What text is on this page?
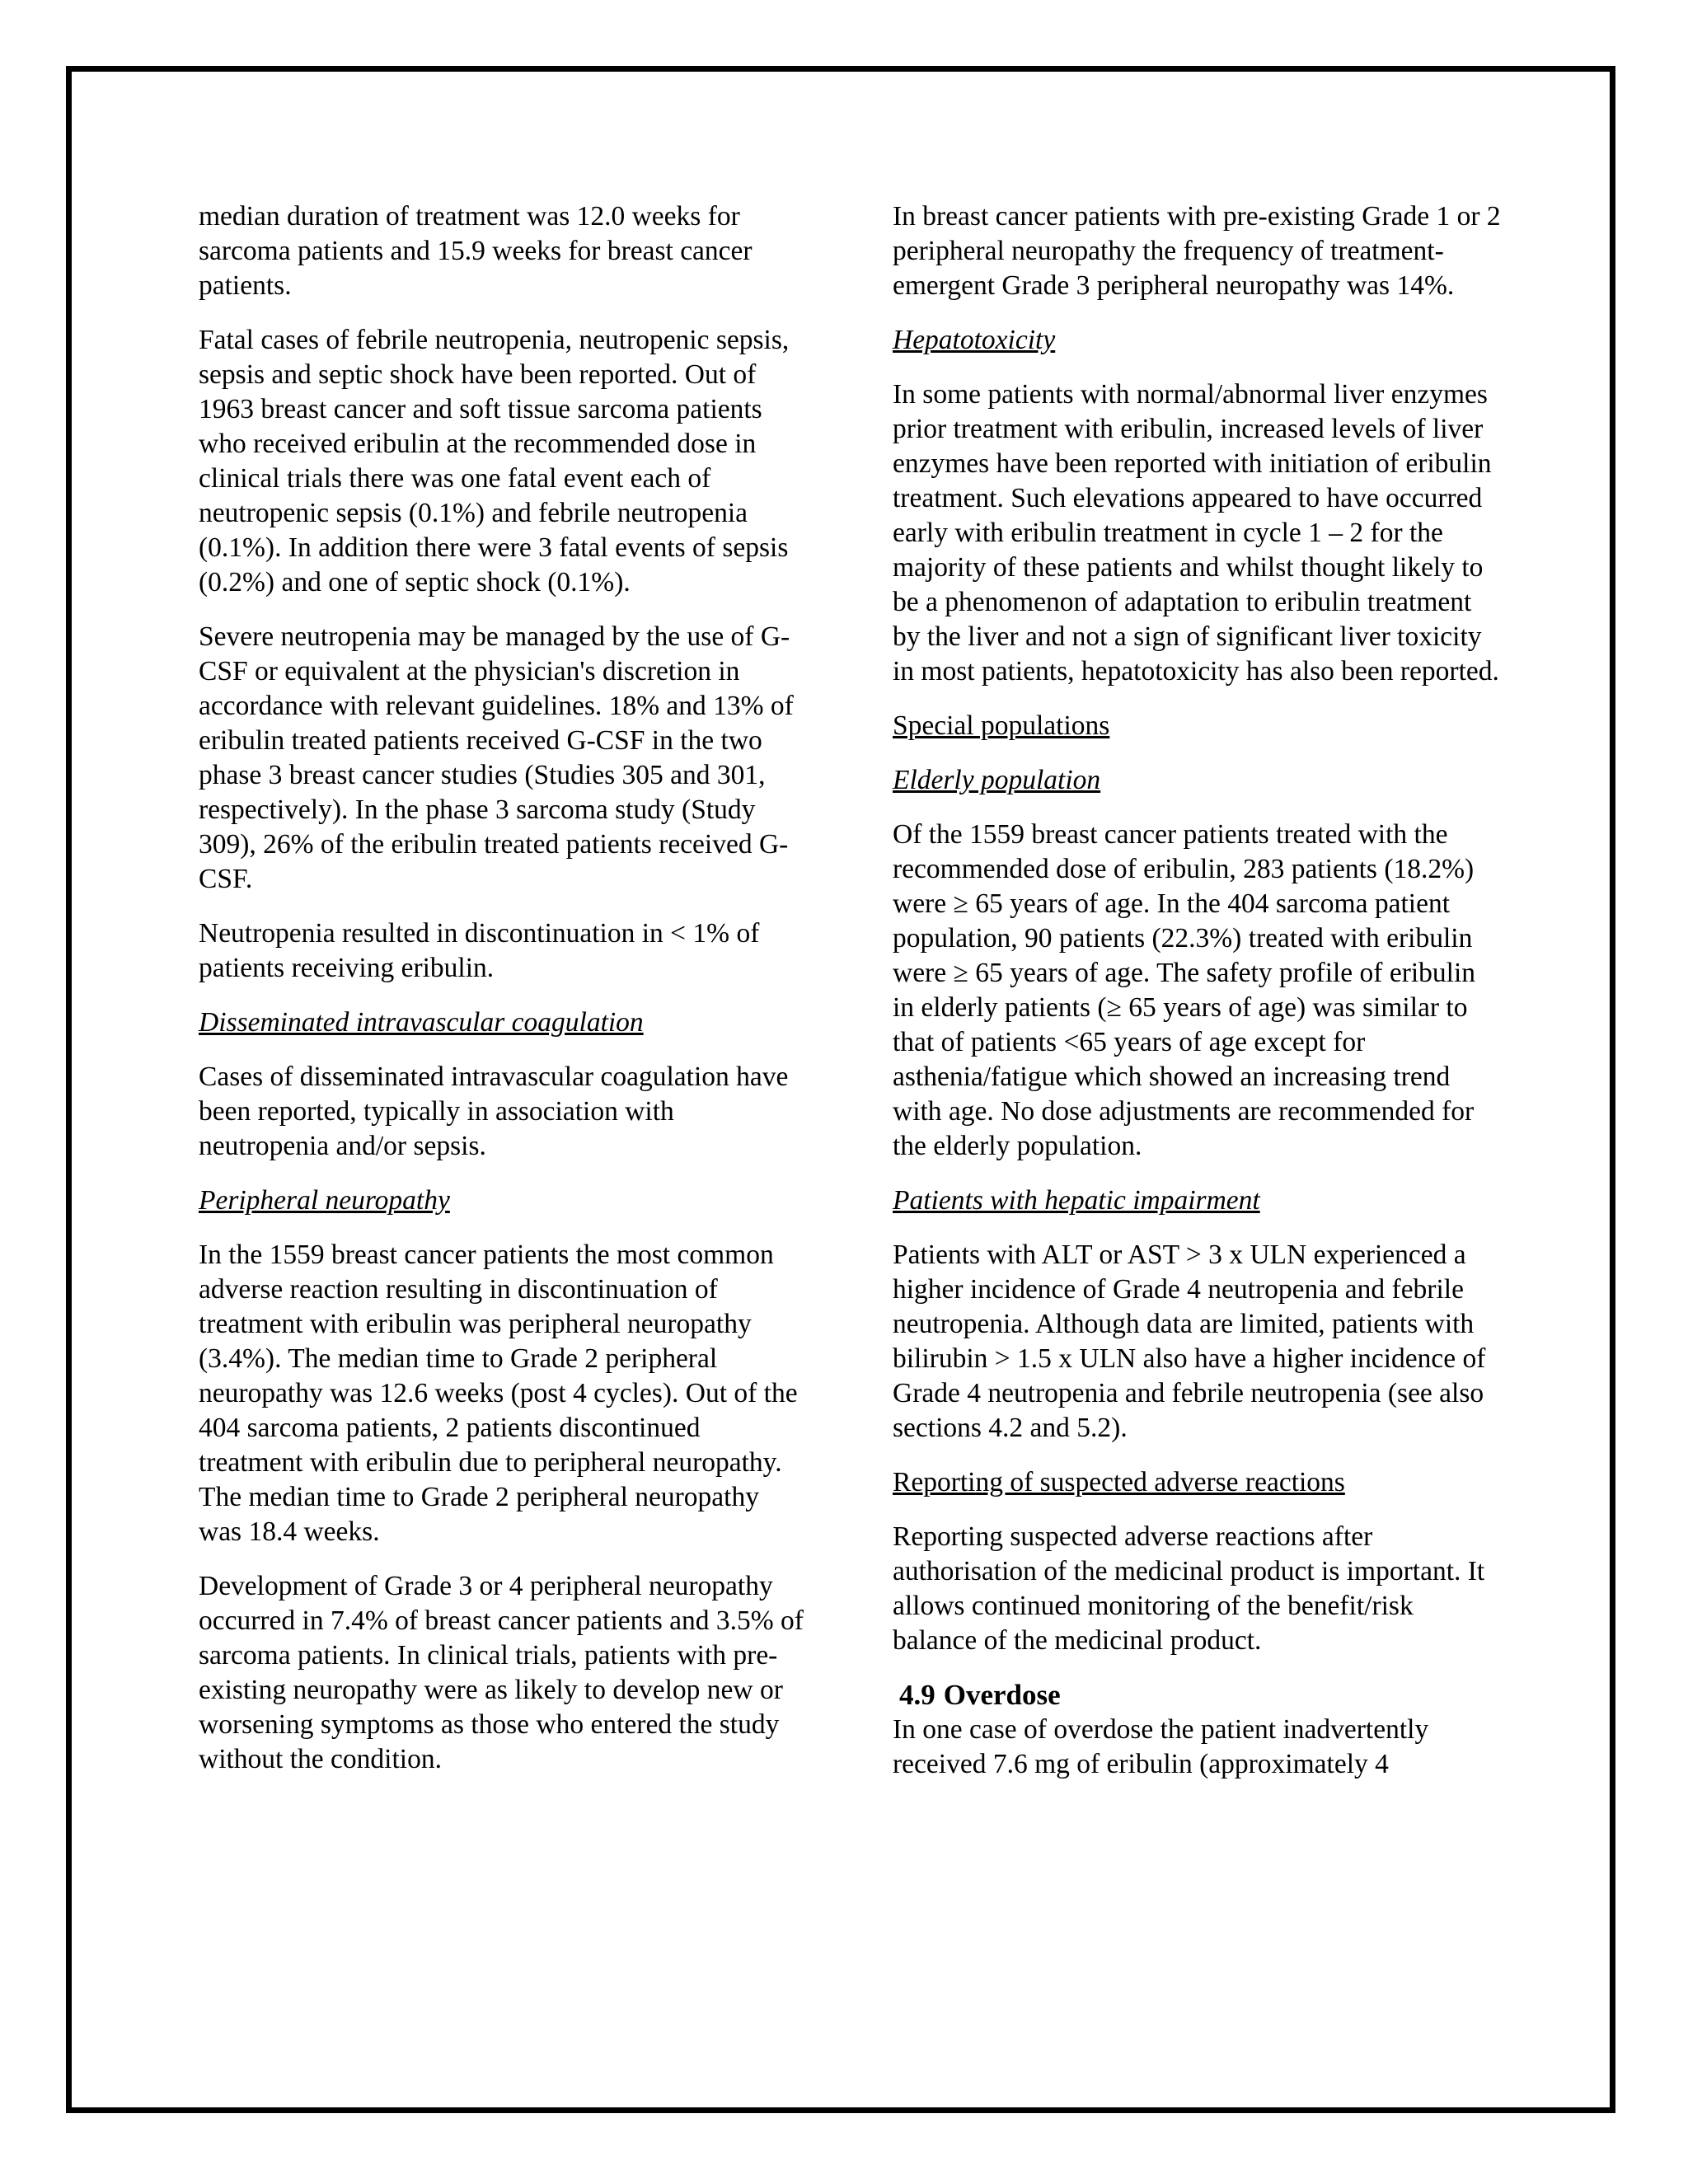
median duration of treatment was 12.0 weeks for sarcoma patients and 15.9 weeks for breast cancer patients.

Fatal cases of febrile neutropenia, neutropenic sepsis, sepsis and septic shock have been reported. Out of 1963 breast cancer and soft tissue sarcoma patients who received eribulin at the recommended dose in clinical trials there was one fatal event each of neutropenic sepsis (0.1%) and febrile neutropenia (0.1%). In addition there were 3 fatal events of sepsis (0.2%) and one of septic shock (0.1%).

Severe neutropenia may be managed by the use of G-CSF or equivalent at the physician's discretion in accordance with relevant guidelines. 18% and 13% of eribulin treated patients received G-CSF in the two phase 3 breast cancer studies (Studies 305 and 301, respectively). In the phase 3 sarcoma study (Study 309), 26% of the eribulin treated patients received G-CSF.

Neutropenia resulted in discontinuation in < 1% of patients receiving eribulin.

Disseminated intravascular coagulation

Cases of disseminated intravascular coagulation have been reported, typically in association with neutropenia and/or sepsis.

Peripheral neuropathy

In the 1559 breast cancer patients the most common adverse reaction resulting in discontinuation of treatment with eribulin was peripheral neuropathy (3.4%). The median time to Grade 2 peripheral neuropathy was 12.6 weeks (post 4 cycles). Out of the 404 sarcoma patients, 2 patients discontinued treatment with eribulin due to peripheral neuropathy. The median time to Grade 2 peripheral neuropathy was 18.4 weeks.

Development of Grade 3 or 4 peripheral neuropathy occurred in 7.4% of breast cancer patients and 3.5% of sarcoma patients. In clinical trials, patients with pre-existing neuropathy were as likely to develop new or worsening symptoms as those who entered the study without the condition.

In breast cancer patients with pre-existing Grade 1 or 2 peripheral neuropathy the frequency of treatment-emergent Grade 3 peripheral neuropathy was 14%.

Hepatotoxicity

In some patients with normal/abnormal liver enzymes prior treatment with eribulin, increased levels of liver enzymes have been reported with initiation of eribulin treatment. Such elevations appeared to have occurred early with eribulin treatment in cycle 1 – 2 for the majority of these patients and whilst thought likely to be a phenomenon of adaptation to eribulin treatment by the liver and not a sign of significant liver toxicity in most patients, hepatotoxicity has also been reported.

Special populations
Elderly population

Of the 1559 breast cancer patients treated with the recommended dose of eribulin, 283 patients (18.2%) were ≥ 65 years of age. In the 404 sarcoma patient population, 90 patients (22.3%) treated with eribulin were ≥ 65 years of age. The safety profile of eribulin in elderly patients (≥ 65 years of age) was similar to that of patients <65 years of age except for asthenia/fatigue which showed an increasing trend with age. No dose adjustments are recommended for the elderly population.

Patients with hepatic impairment

Patients with ALT or AST > 3 x ULN experienced a higher incidence of Grade 4 neutropenia and febrile neutropenia. Although data are limited, patients with bilirubin > 1.5 x ULN also have a higher incidence of Grade 4 neutropenia and febrile neutropenia (see also sections 4.2 and 5.2).

Reporting of suspected adverse reactions

Reporting suspected adverse reactions after authorisation of the medicinal product is important. It allows continued monitoring of the benefit/risk balance of the medicinal product.

4.9 Overdose

In one case of overdose the patient inadvertently received 7.6 mg of eribulin (approximately 4
